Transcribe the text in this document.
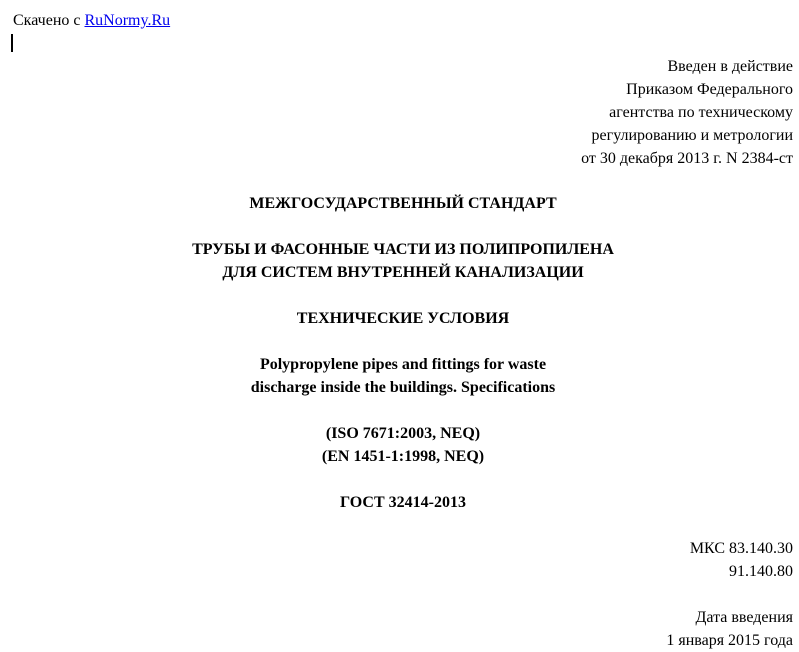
Скачено с RuNormy.Ru
Введен в действие
Приказом Федерального
агентства по техническому
регулированию и метрологии
от 30 декабря 2013 г. N 2384-ст
МЕЖГОСУДАРСТВЕННЫЙ СТАНДАРТ
ТРУБЫ И ФАСОННЫЕ ЧАСТИ ИЗ ПОЛИПРОПИЛЕНА
ДЛЯ СИСТЕМ ВНУТРЕННЕЙ КАНАЛИЗАЦИИ
ТЕХНИЧЕСКИЕ УСЛОВИЯ
Polypropylene pipes and fittings for waste
discharge inside the buildings. Specifications
(ISO 7671:2003, NEQ)
(EN 1451-1:1998, NEQ)
ГОСТ 32414-2013
МКС 83.140.30
91.140.80
Дата введения
1 января 2015 года
